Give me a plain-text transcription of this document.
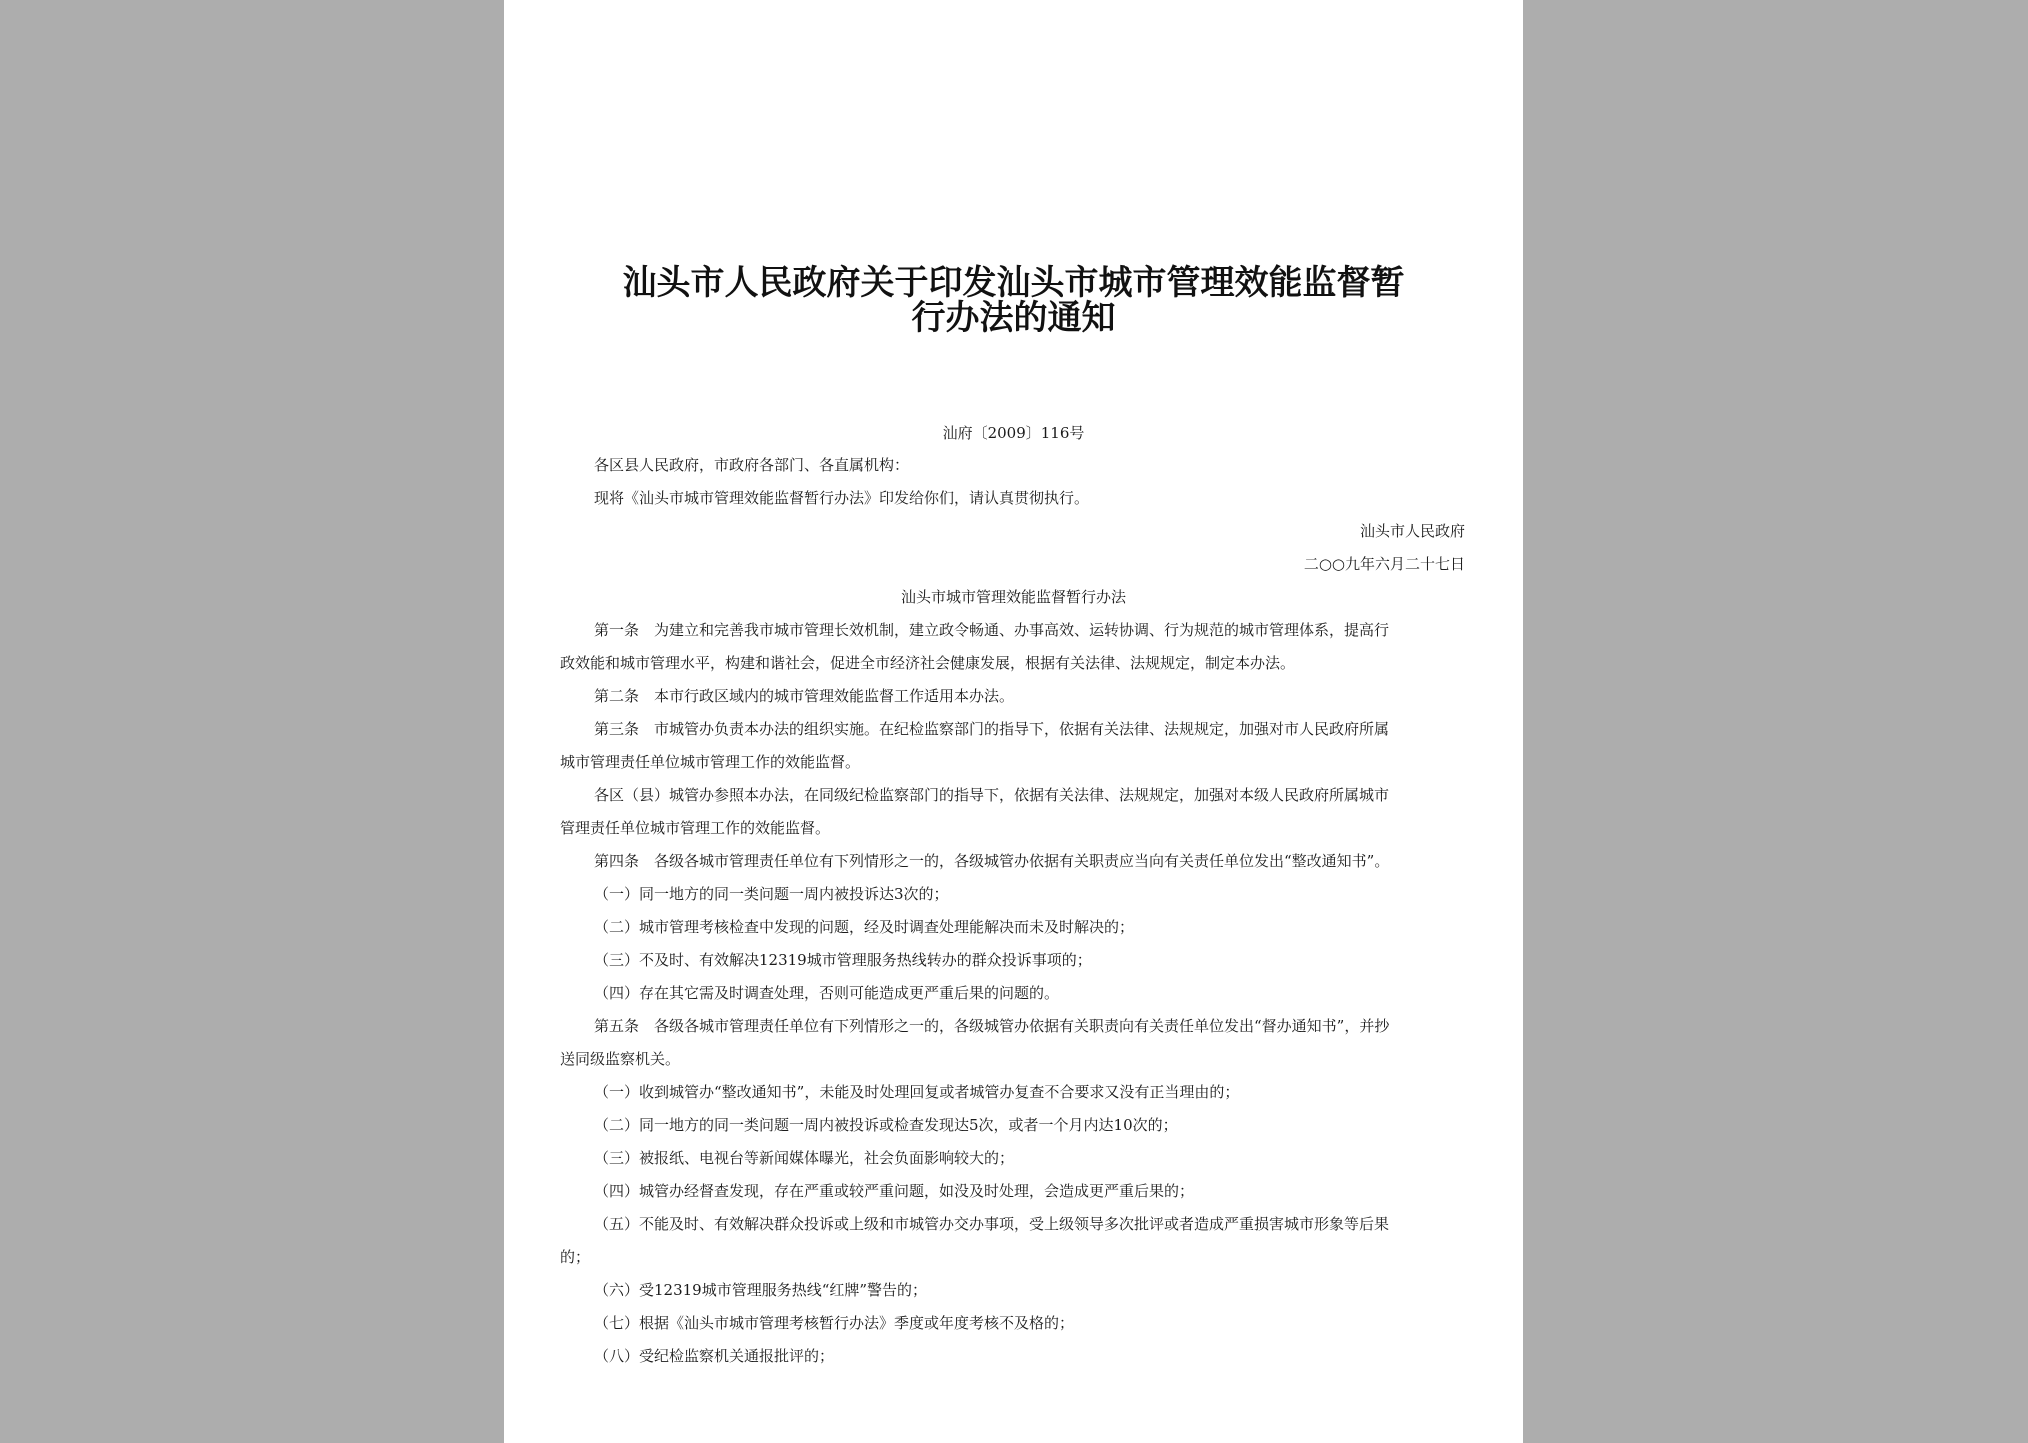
汕头市人民政府关于印发汕头市城市管理效能监督暂
行办法的通知
汕府〔2009〕116号
各区县人民政府，市政府各部门、各直属机构：
现将《汕头市城市管理效能监督暂行办法》印发给你们，请认真贯彻执行。
汕头市人民政府
二○○九年六月二十七日
汕头市城市管理效能监督暂行办法
第一条　为建立和完善我市城市管理长效机制，建立政令畅通、办事高效、运转协调、行为规范的城市管理体系，提高行
政效能和城市管理水平，构建和谐社会，促进全市经济社会健康发展，根据有关法律、法规规定，制定本办法。
第二条　本市行政区域内的城市管理效能监督工作适用本办法。
第三条　市城管办负责本办法的组织实施。在纪检监察部门的指导下，依据有关法律、法规规定，加强对市人民政府所属
城市管理责任单位城市管理工作的效能监督。
各区（县）城管办参照本办法，在同级纪检监察部门的指导下，依据有关法律、法规规定，加强对本级人民政府所属城市
管理责任单位城市管理工作的效能监督。
第四条　各级各城市管理责任单位有下列情形之一的，各级城管办依据有关职责应当向有关责任单位发出“整改通知书”。
（一）同一地方的同一类问题一周内被投诉达3次的；
（二）城市管理考核检查中发现的问题，经及时调查处理能解决而未及时解决的；
（三）不及时、有效解决12319城市管理服务热线转办的群众投诉事项的；
（四）存在其它需及时调查处理，否则可能造成更严重后果的问题的。
第五条　各级各城市管理责任单位有下列情形之一的，各级城管办依据有关职责向有关责任单位发出“督办通知书”，并抄
送同级监察机关。
（一）收到城管办“整改通知书”，未能及时处理回复或者城管办复查不合要求又没有正当理由的；
（二）同一地方的同一类问题一周内被投诉或检查发现达5次，或者一个月内达10次的；
（三）被报纸、电视台等新闻媒体曝光，社会负面影响较大的；
（四）城管办经督查发现，存在严重或较严重问题，如没及时处理，会造成更严重后果的；
（五）不能及时、有效解决群众投诉或上级和市城管办交办事项，受上级领导多次批评或者造成严重损害城市形象等后果
的；
（六）受12319城市管理服务热线“红牌”警告的；
（七）根据《汕头市城市管理考核暂行办法》季度或年度考核不及格的；
（八）受纪检监察机关通报批评的；
